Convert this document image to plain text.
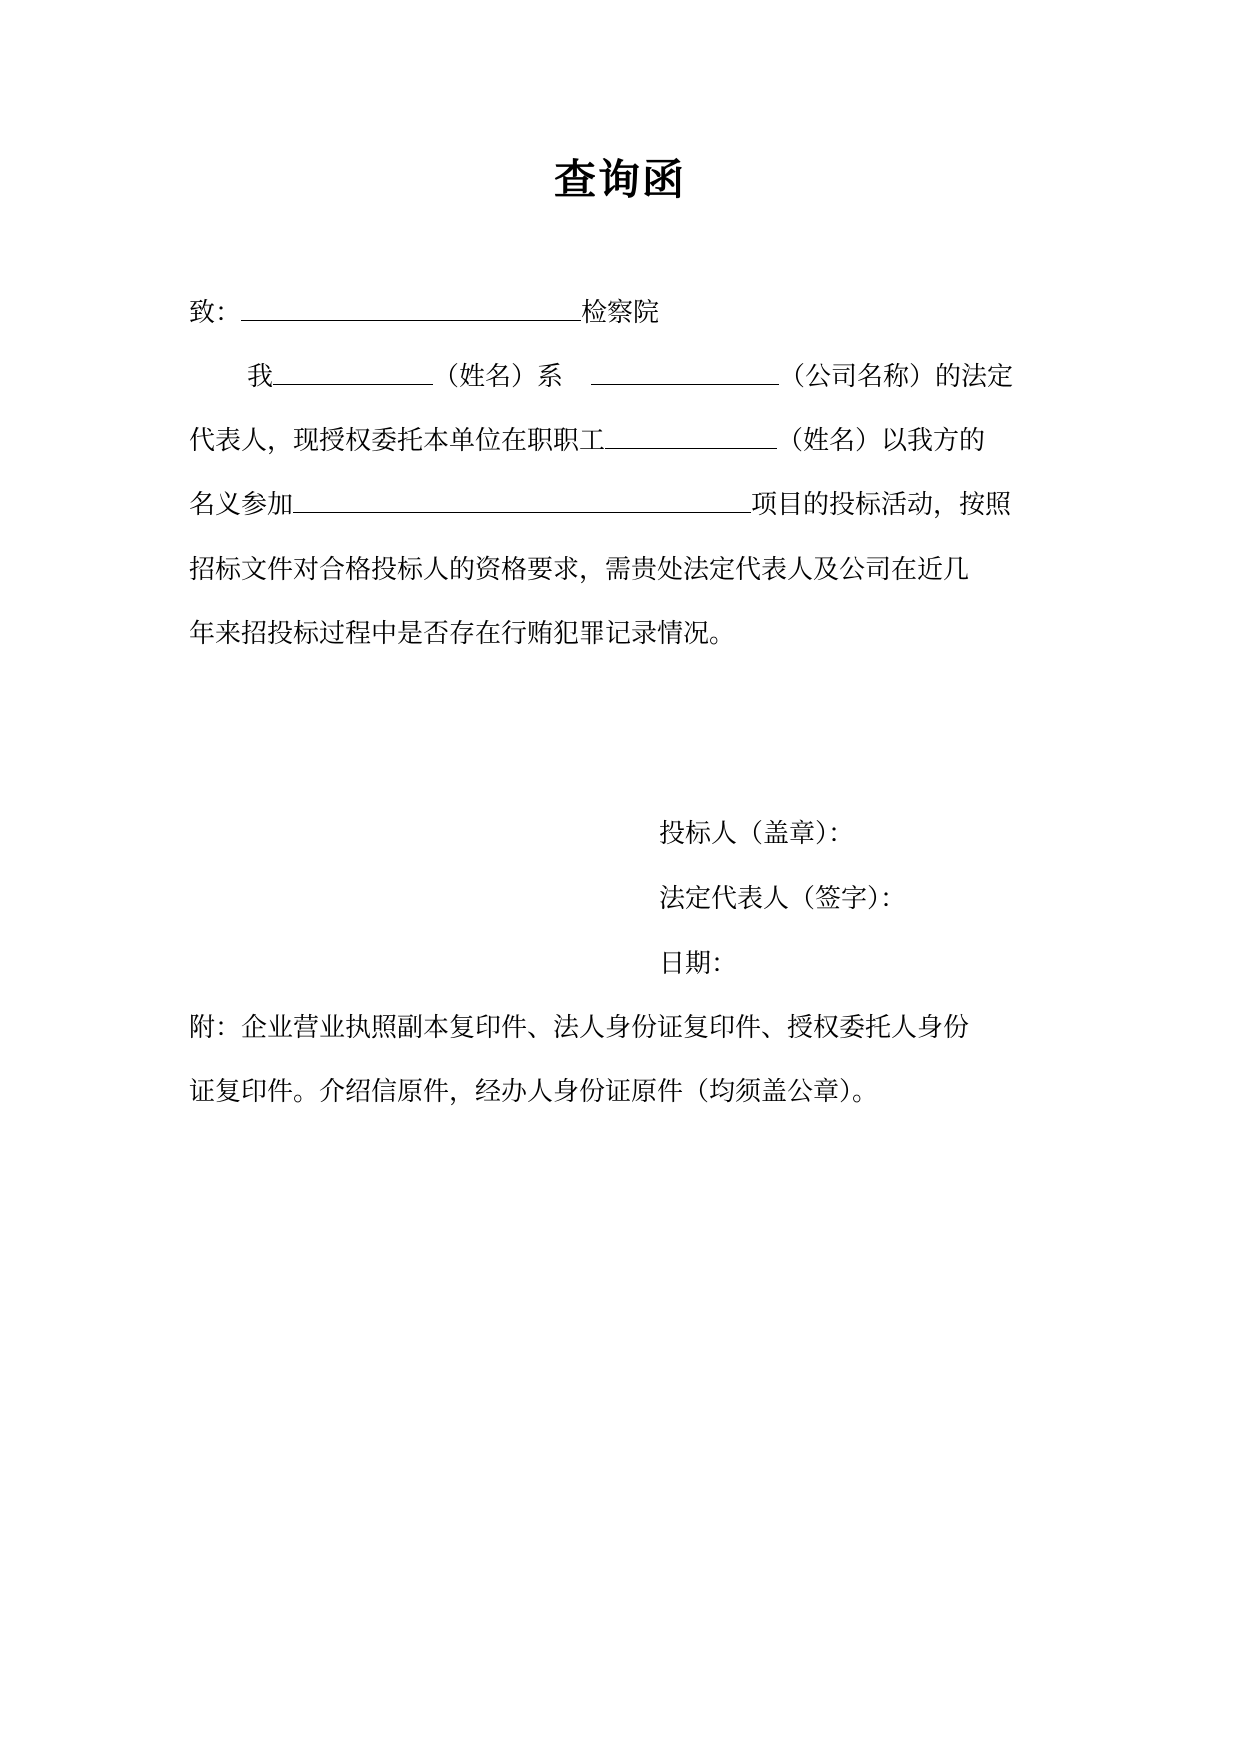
查询函
致：	检察院
我	（姓名）系	（公司名称）的法定
代表人，现授权委托本单位在职职工	（姓名）以我方的
名义参加	项目的投标活动，按照
招标文件对合格投标人的资格要求，需贵处法定代表人及公司在近几
年来招投标过程中是否存在行贿犯罪记录情况。
投标人（盖章）：
法定代表人（签字）：
日期：
附：企业营业执照副本复印件、法人身份证复印件、授权委托人身份
证复印件。介绍信原件，经办人身份证原件（均须盖公章）。
